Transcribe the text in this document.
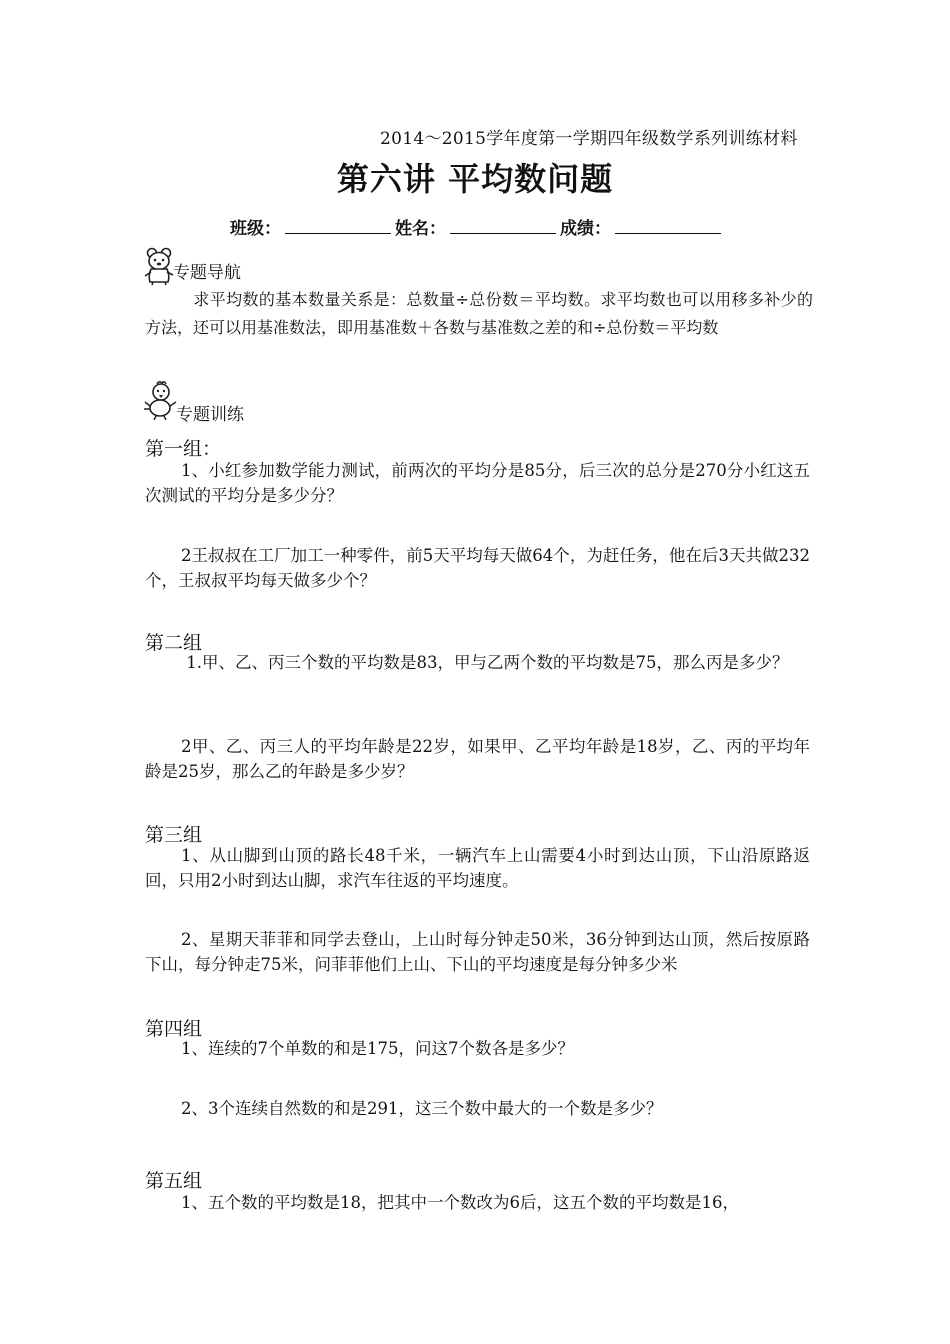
2014～2015学年度第一学期四年级数学系列训练材料
第六讲 平均数问题
班级：	姓名：	成绩：
专题导航
求平均数的基本数量关系是：总数量÷总份数＝平均数。求平均数也可以用移多补少的方法，还可以用基准数法，即用基准数＋各数与基准数之差的和÷总份数＝平均数
专题训练
第一组：
1、小红参加数学能力测试，前两次的平均分是85分，后三次的总分是270分小红这五次测试的平均分是多少分？
2王叔叔在工厂加工一种零件，前5天平均每天做64个，为赶任务，他在后3天共做232个，王叔叔平均每天做多少个？
第二组
1.甲、乙、丙三个数的平均数是83，甲与乙两个数的平均数是75，那么丙是多少？
2甲、乙、丙三人的平均年龄是22岁，如果甲、乙平均年龄是18岁，乙、丙的平均年龄是25岁，那么乙的年龄是多少岁？
第三组
1、从山脚到山顶的路长48千米，一辆汽车上山需要4小时到达山顶，下山沿原路返回，只用2小时到达山脚，求汽车往返的平均速度。
2、星期天菲菲和同学去登山，上山时每分钟走50米，36分钟到达山顶，然后按原路下山，每分钟走75米，问菲菲他们上山、下山的平均速度是每分钟多少米
第四组
1、连续的7个单数的和是175，问这7个数各是多少？
2、3个连续自然数的和是291，这三个数中最大的一个数是多少？
第五组
1、五个数的平均数是18，把其中一个数改为6后，这五个数的平均数是16，
